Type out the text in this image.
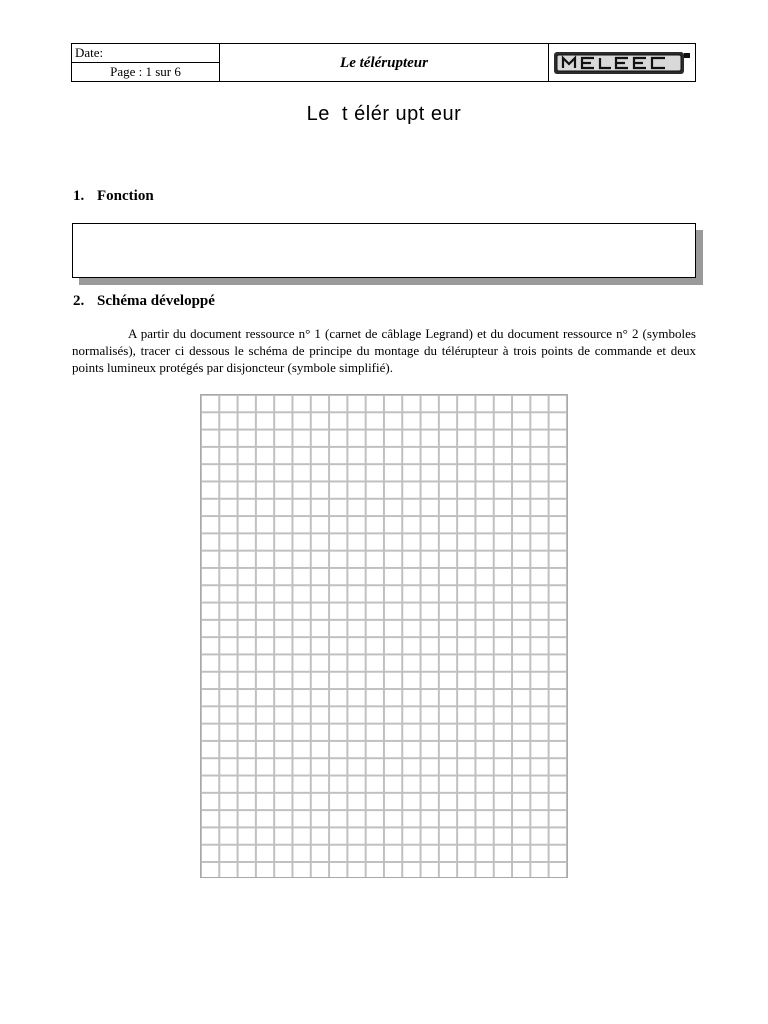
Date:
Page : 1 sur 6
Le télérupteur
Le  t élér upt eur
1. Fonction
2. Schéma développé
A partir du document ressource n° 1 (carnet de câblage Legrand) et du document ressource n° 2 (symboles normalisés), tracer ci dessous le schéma de principe du montage du télérupteur à trois points de commande et deux points lumineux protégés par disjoncteur (symbole simplifié).
